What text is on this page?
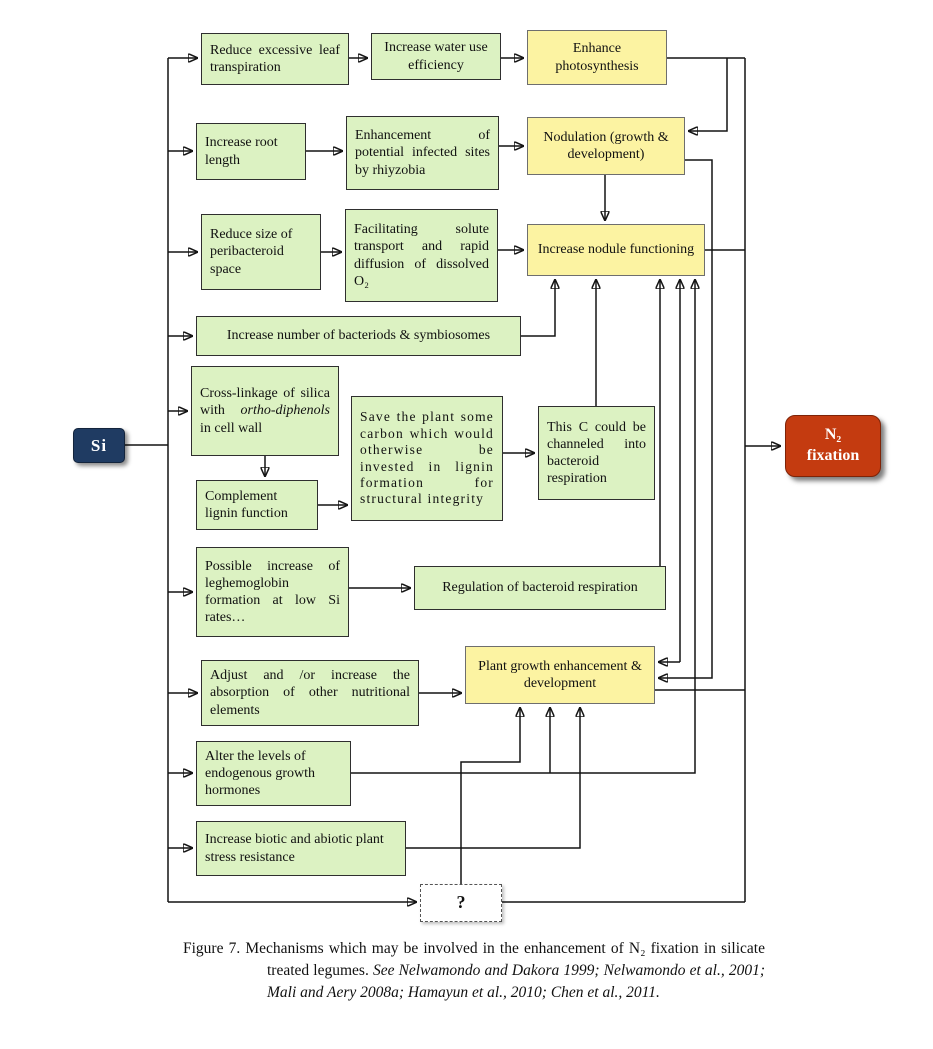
Si
N₂
fixation
Reduce excessive leaf transpiration
Increase water use efficiency
Enhance photosynthesis
Increase root length
Enhancement of potential infected sites by rhiyzobia
Nodulation (growth & development)
Reduce size of peribacteroid space
Facilitating solute transport and rapid diffusion of dissolved O₂
Increase nodule functioning
Increase number of bacteriods & symbiosomes
Cross-linkage of silica with ortho-diphenols in cell wall
Save the plant some carbon which would otherwise be invested in lignin formation for structural integrity
This C could be channeled into bacteroid respiration
Complement lignin function
Possible increase of leghemoglobin formation at low Si rates…
Regulation of bacteroid respiration
Adjust and /or increase the absorption of other nutritional elements
Plant growth enhancement & development
Alter the levels of endogenous growth hormones
Increase biotic and abiotic plant stress resistance
?
Figure 7. Mechanisms which may be involved in the enhancement of N₂ fixation in silicate treated legumes. See Nelwamondo and Dakora 1999; Nelwamondo et al., 2001; Mali and Aery 2008a; Hamayun et al., 2010; Chen et al., 2011.
